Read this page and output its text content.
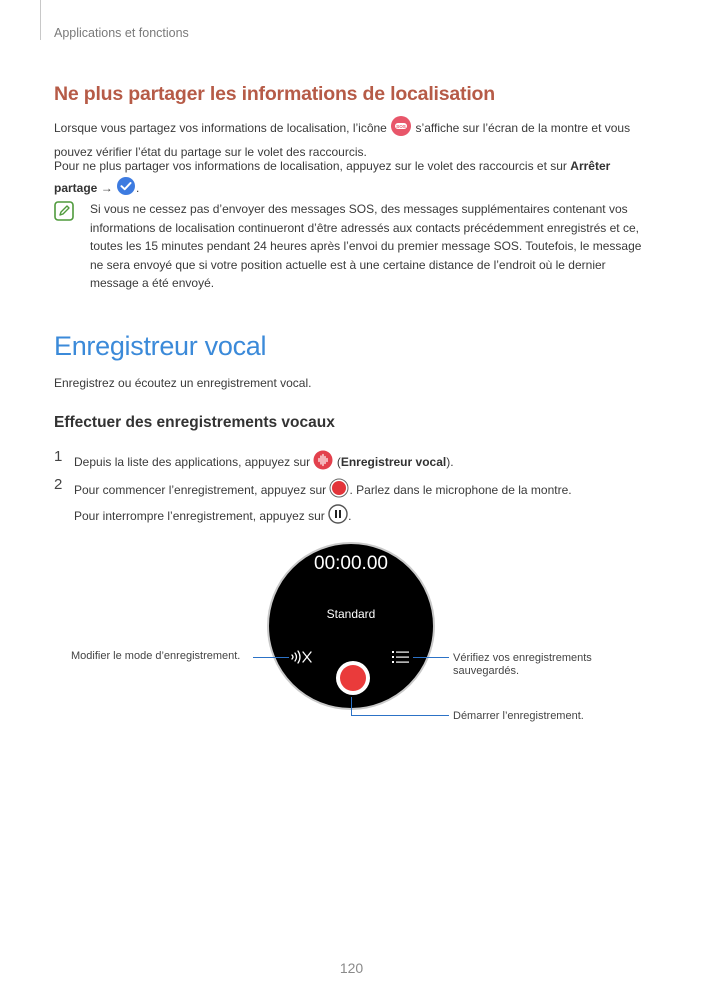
Applications et fonctions
Ne plus partager les informations de localisation
Lorsque vous partagez vos informations de localisation, l’icône SOS s’affiche sur l’écran de la montre et vous pouvez vérifier l’état du partage sur le volet des raccourcis.
Pour ne plus partager vos informations de localisation, appuyez sur le volet des raccourcis et sur Arrêter partage → .
Si vous ne cessez pas d’envoyer des messages SOS, des messages supplémentaires contenant vos informations de localisation continueront d’être adressés aux contacts précédemment enregistrés et ce, toutes les 15 minutes pendant 24 heures après l’envoi du premier message SOS. Toutefois, le message ne sera envoyé que si votre position actuelle est à une certaine distance de l’endroit où le dernier message a été envoyé.
Enregistreur vocal
Enregistrez ou écoutez un enregistrement vocal.
Effectuer des enregistrements vocaux
1 Depuis la liste des applications, appuyez sur (Enregistreur vocal).
2 Pour commencer l’enregistrement, appuyez sur . Parlez dans le microphone de la montre.
Pour interrompre l’enregistrement, appuyez sur .
00:00.00
Standard
Modifier le mode d’enregistrement.	Vérifiez vos enregistrements sauvegardés.
Démarrer l’enregistrement.
120
